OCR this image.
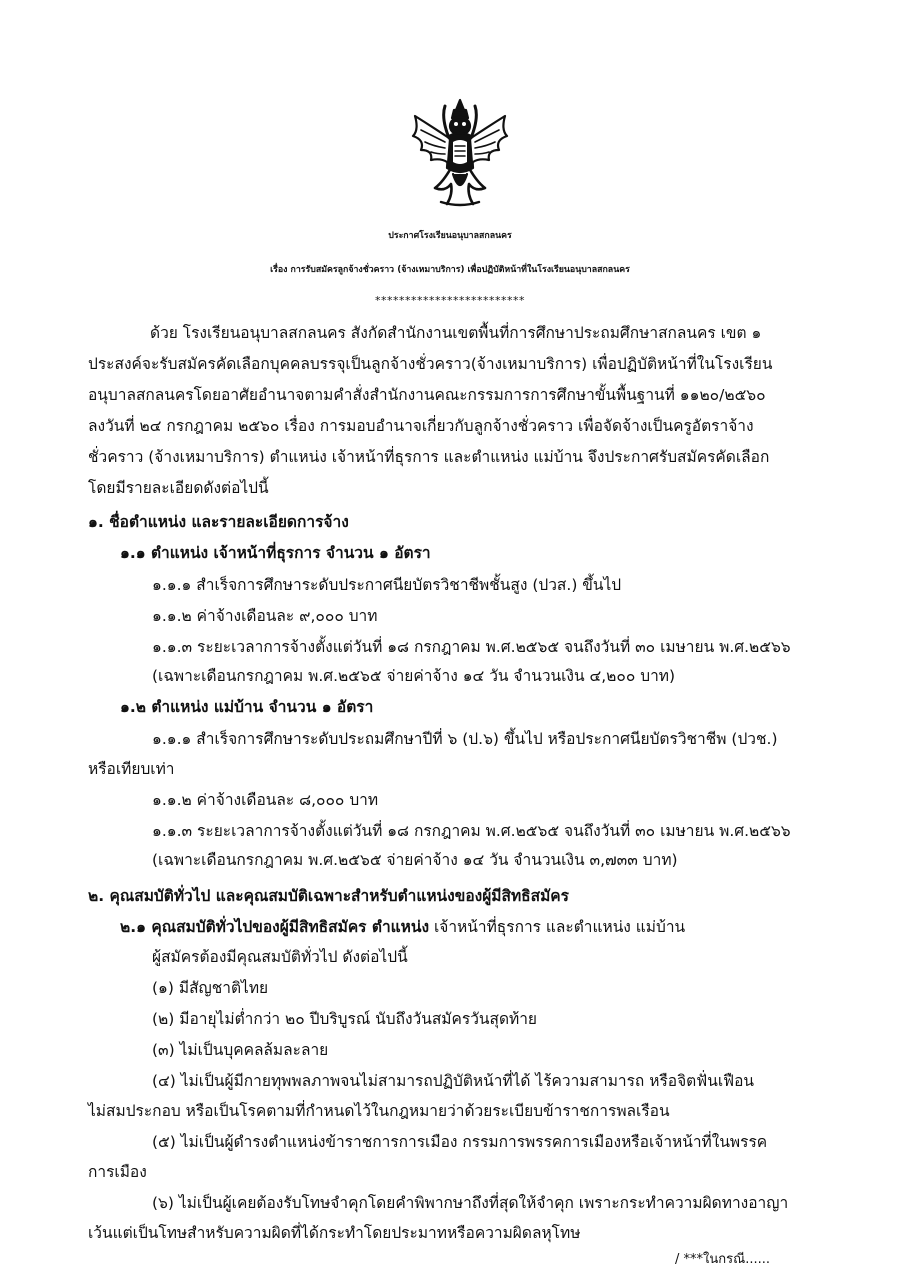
ประกาศโรงเรียนอนุบาลสกลนคร
เรื่อง การรับสมัครลูกจ้างชั่วคราว (จ้างเหมาบริการ) เพื่อปฏิบัติหน้าที่ในโรงเรียนอนุบาลสกลนคร
*************************
ด้วย โรงเรียนอนุบาลสกลนคร สังกัดสำนักงานเขตพื้นที่การศึกษาประถมศึกษาสกลนคร เขต ๑
ประสงค์จะรับสมัครคัดเลือกบุคคลบรรจุเป็นลูกจ้างชั่วคราว(จ้างเหมาบริการ) เพื่อปฏิบัติหน้าที่ในโรงเรียน
อนุบาลสกลนครโดยอาศัยอำนาจตามคำสั่งสำนักงานคณะกรรมการการศึกษาขั้นพื้นฐานที่ ๑๑๒๐/๒๕๖๐
ลงวันที่ ๒๔ กรกฎาคม ๒๕๖๐ เรื่อง การมอบอำนาจเกี่ยวกับลูกจ้างชั่วคราว เพื่อจัดจ้างเป็นครูอัตราจ้าง
ชั่วคราว (จ้างเหมาบริการ) ตำแหน่ง เจ้าหน้าที่ธุรการ และตำแหน่ง แม่บ้าน จึงประกาศรับสมัครคัดเลือก
โดยมีรายละเอียดดังต่อไปนี้
๑. ชื่อตำแหน่ง และรายละเอียดการจ้าง
๑.๑ ตำแหน่ง เจ้าหน้าที่ธุรการ จำนวน ๑ อัตรา
๑.๑.๑ สำเร็จการศึกษาระดับประกาศนียบัตรวิชาชีพชั้นสูง (ปวส.) ขึ้นไป
๑.๑.๒ ค่าจ้างเดือนละ ๙,๐๐๐ บาท
๑.๑.๓ ระยะเวลาการจ้างตั้งแต่วันที่ ๑๘ กรกฎาคม พ.ศ.๒๕๖๕ จนถึงวันที่ ๓๐ เมษายน พ.ศ.๒๕๖๖
(เฉพาะเดือนกรกฎาคม พ.ศ.๒๕๖๕ จ่ายค่าจ้าง ๑๔ วัน จำนวนเงิน ๔,๒๐๐ บาท)
๑.๒ ตำแหน่ง แม่บ้าน จำนวน ๑ อัตรา
๑.๑.๑ สำเร็จการศึกษาระดับประถมศึกษาปีที่ ๖ (ป.๖) ขึ้นไป หรือประกาศนียบัตรวิชาชีพ (ปวช.)
หรือเทียบเท่า
๑.๑.๒ ค่าจ้างเดือนละ ๘,๐๐๐ บาท
๑.๑.๓ ระยะเวลาการจ้างตั้งแต่วันที่ ๑๘ กรกฎาคม พ.ศ.๒๕๖๕ จนถึงวันที่ ๓๐ เมษายน พ.ศ.๒๕๖๖
(เฉพาะเดือนกรกฎาคม พ.ศ.๒๕๖๕ จ่ายค่าจ้าง ๑๔ วัน จำนวนเงิน ๓,๗๓๓ บาท)
๒. คุณสมบัติทั่วไป และคุณสมบัติเฉพาะสำหรับตำแหน่งของผู้มีสิทธิสมัคร
๒.๑ คุณสมบัติทั่วไปของผู้มีสิทธิสมัคร ตำแหน่ง เจ้าหน้าที่ธุรการ และตำแหน่ง แม่บ้าน
ผู้สมัครต้องมีคุณสมบัติทั่วไป ดังต่อไปนี้
(๑) มีสัญชาติไทย
(๒) มีอายุไม่ต่ำกว่า ๒๐ ปีบริบูรณ์ นับถึงวันสมัครวันสุดท้าย
(๓) ไม่เป็นบุคคลล้มละลาย
(๔) ไม่เป็นผู้มีกายทุพพลภาพจนไม่สามารถปฏิบัติหน้าที่ได้ ไร้ความสามารถ หรือจิตฟั่นเฟือน
ไม่สมประกอบ หรือเป็นโรคตามที่กำหนดไว้ในกฎหมายว่าด้วยระเบียบข้าราชการพลเรือน
(๕) ไม่เป็นผู้ดำรงตำแหน่งข้าราชการการเมือง กรรมการพรรคการเมืองหรือเจ้าหน้าที่ในพรรค
การเมือง
(๖) ไม่เป็นผู้เคยต้องรับโทษจำคุกโดยคำพิพากษาถึงที่สุดให้จำคุก เพราะกระทำความผิดทางอาญา
เว้นแต่เป็นโทษสำหรับความผิดที่ได้กระทำโดยประมาทหรือความผิดลหุโทษ
/ ***ในกรณี......
